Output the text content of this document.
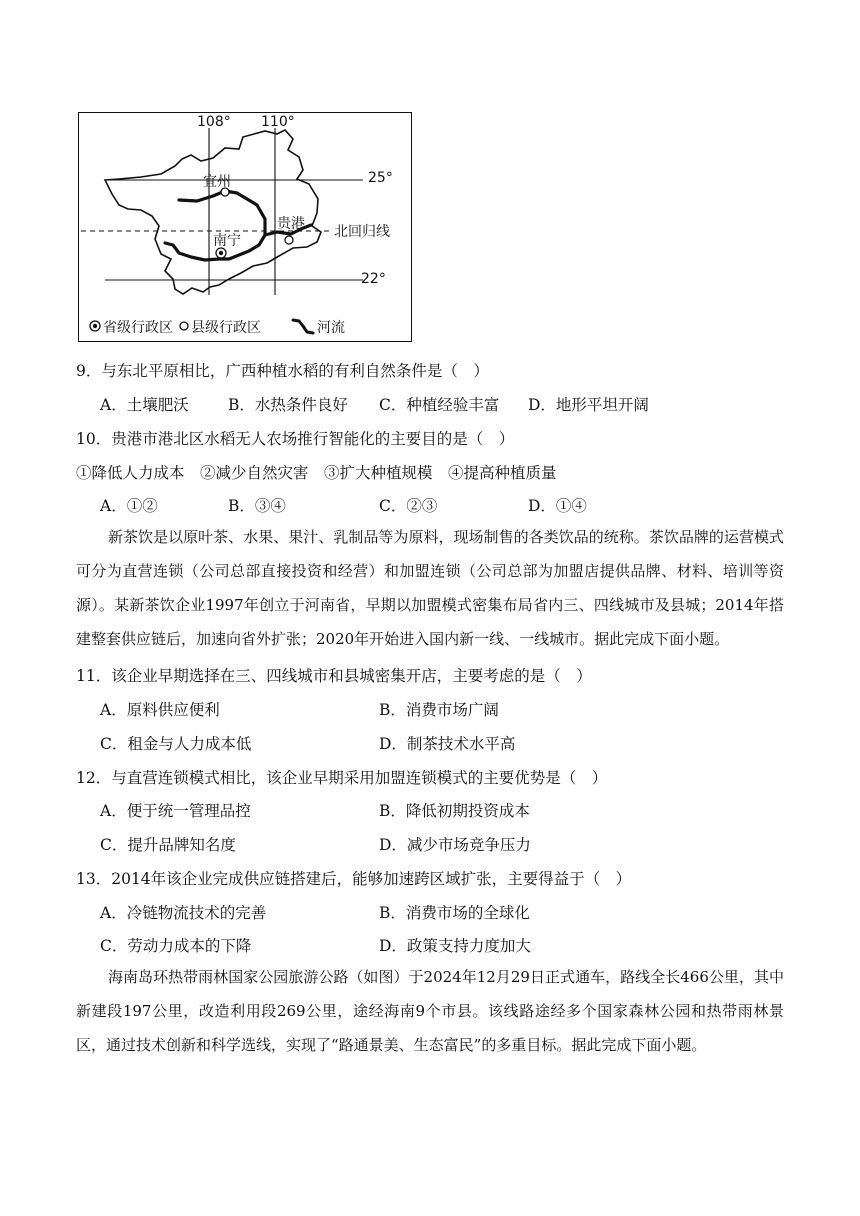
108° 110°
25°
22°
北回归线
宜州
贵港
南宁
省级行政区 县级行政区	河流
9．与东北平原相比，广西种植水稻的有利自然条件是（　）
A．土壤肥沃	B．水热条件良好 C．种植经验丰富 D．地形平坦开阔
10．贵港市港北区水稻无人农场推行智能化的主要目的是（　）
①降低人力成本　②减少自然灾害　③扩大种植规模　④提高种植质量
A．①②	B．③④	C．②③	D．①④
新茶饮是以原叶茶、水果、果汁、乳制品等为原料，现场制售的各类饮品的统称。茶饮品牌的运营模式可分为直营连锁（公司总部直接投资和经营）和加盟连锁（公司总部为加盟店提供品牌、材料、培训等资源）。某新茶饮企业1997年创立于河南省，早期以加盟模式密集布局省内三、四线城市及县城；2014年搭建整套供应链后，加速向省外扩张；2020年开始进入国内新一线、一线城市。据此完成下面小题。
11．该企业早期选择在三、四线城市和县城密集开店，主要考虑的是（　）
A．原料供应便利	B．消费市场广阔
C．租金与人力成本低	D．制茶技术水平高
12．与直营连锁模式相比，该企业早期采用加盟连锁模式的主要优势是（　）
A．便于统一管理品控	B．降低初期投资成本
C．提升品牌知名度	D．减少市场竞争压力
13．2014年该企业完成供应链搭建后，能够加速跨区域扩张，主要得益于（　）
A．冷链物流技术的完善	B．消费市场的全球化
C．劳动力成本的下降	D．政策支持力度加大
海南岛环热带雨林国家公园旅游公路（如图）于2024年12月29日正式通车，路线全长466公里，其中新建段197公里，改造利用段269公里，途经海南9个市县。该线路途经多个国家森林公园和热带雨林景区，通过技术创新和科学选线，实现了“路通景美、生态富民”的多重目标。据此完成下面小题。
